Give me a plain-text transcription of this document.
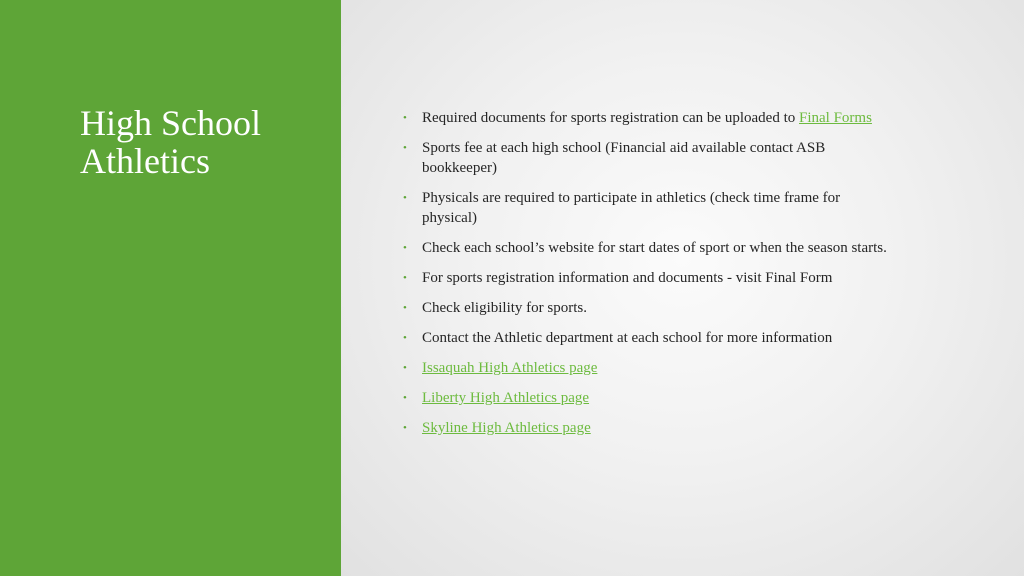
High School
Athletics
• Required documents for sports registration can be uploaded to Final Forms
• Sports fee at each high school (Financial aid available contact ASB bookkeeper)
• Physicals are required to participate in athletics (check time frame for physical)
• Check each school’s website for start dates of sport or when the season starts.
• For sports registration information and documents - visit Final Form
• Check eligibility for sports.
• Contact the Athletic department at each school for more information
• Issaquah High Athletics page
• Liberty High Athletics page
• Skyline High Athletics page
